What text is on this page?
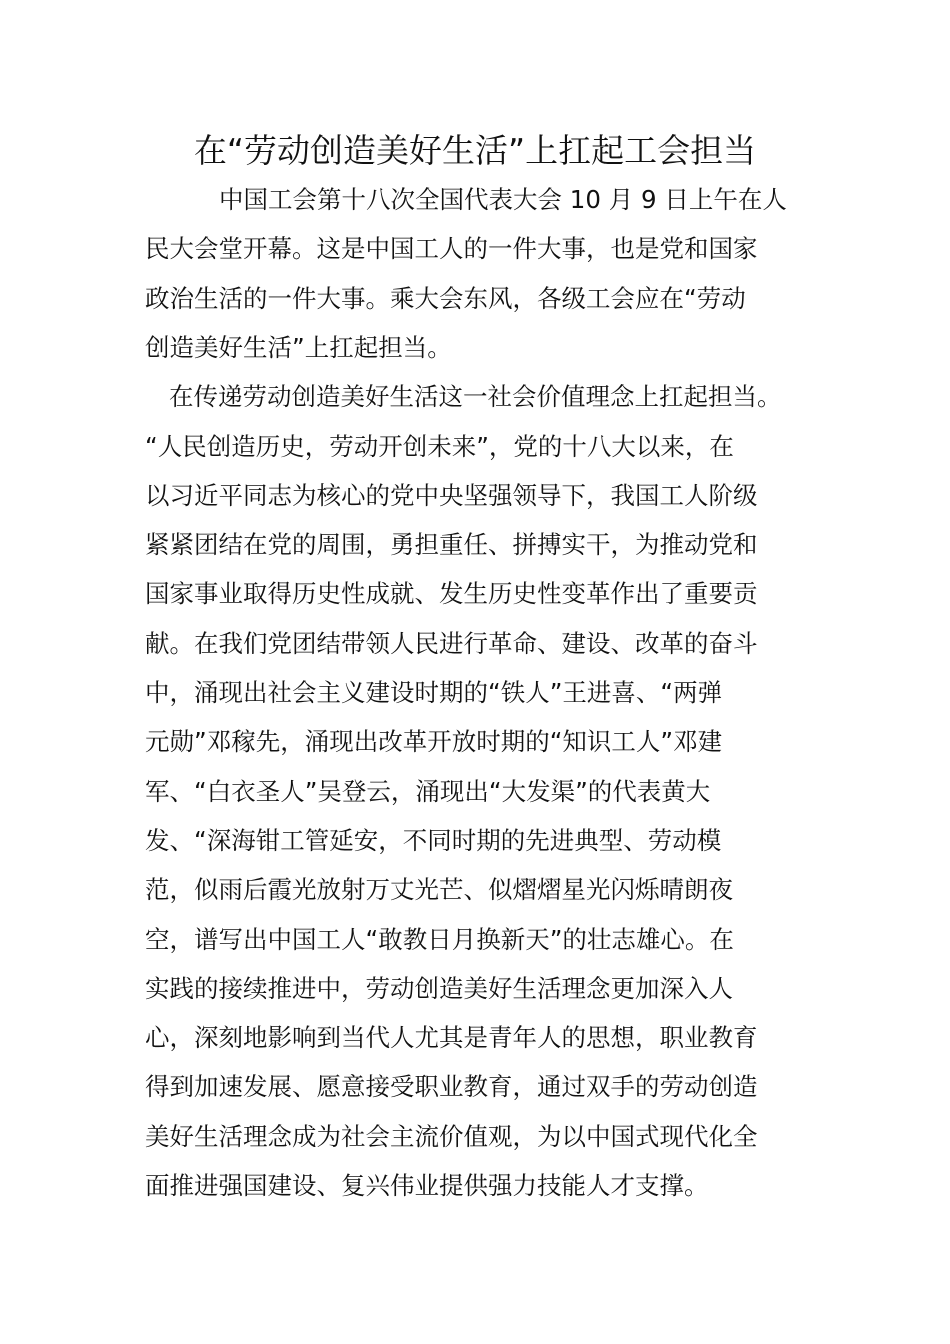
在“劳动创造美好生活”上扛起工会担当
中国工会第十八次全国代表大会 10 月 9 日上午在人
民大会堂开幕。这是中国工人的一件大事，也是党和国家
政治生活的一件大事。乘大会东风，各级工会应在“劳动
创造美好生活”上扛起担当。
在传递劳动创造美好生活这一社会价值理念上扛起担当。
“人民创造历史，劳动开创未来”，党的十八大以来，在
以习近平同志为核心的党中央坚强领导下，我国工人阶级
紧紧团结在党的周围，勇担重任、拼搏实干，为推动党和
国家事业取得历史性成就、发生历史性变革作出了重要贡
献。在我们党团结带领人民进行革命、建设、改革的奋斗
中，涌现出社会主义建设时期的“铁人”王进喜、“两弹
元勋”邓稼先，涌现出改革开放时期的“知识工人”邓建
军、“白衣圣人”吴登云，涌现出“大发渠”的代表黄大
发、“深海钳工管延安，不同时期的先进典型、劳动模
范，似雨后霞光放射万丈光芒、似熠熠星光闪烁晴朗夜
空，谱写出中国工人“敢教日月换新天”的壮志雄心。在
实践的接续推进中，劳动创造美好生活理念更加深入人
心，深刻地影响到当代人尤其是青年人的思想，职业教育
得到加速发展、愿意接受职业教育，通过双手的劳动创造
美好生活理念成为社会主流价值观，为以中国式现代化全
面推进强国建设、复兴伟业提供强力技能人才支撑。
